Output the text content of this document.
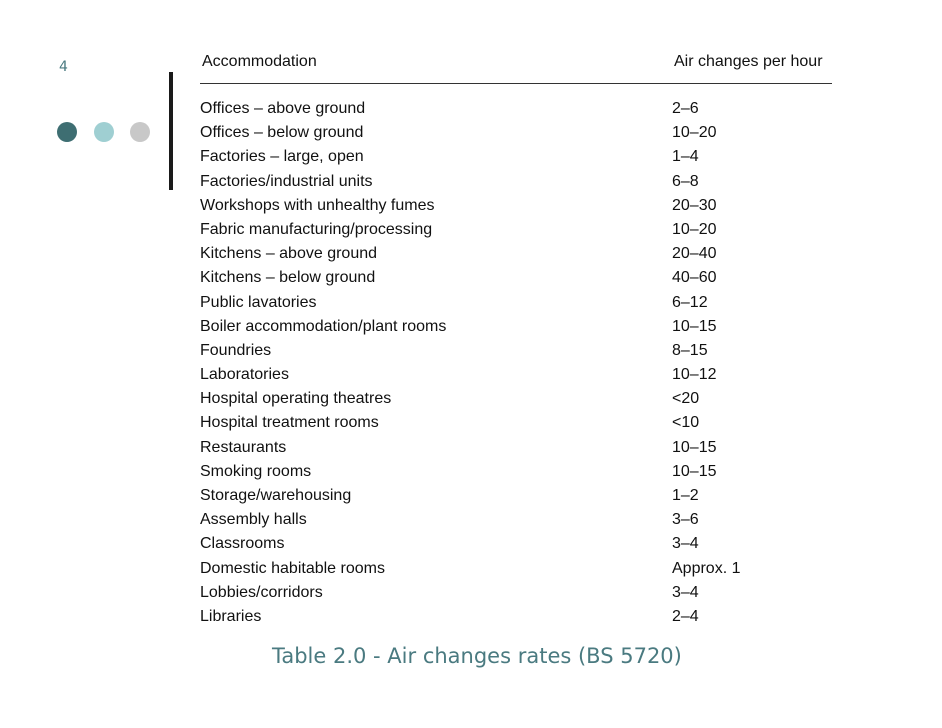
4	Accommodation	Air changes per hour
Offices – above ground	2–6
Offices – below ground	10–20
Factories – large, open	1–4
Factories/industrial units	6–8
Workshops with unhealthy fumes	20–30
Fabric manufacturing/processing	10–20
Kitchens – above ground	20–40
Kitchens – below ground	40–60
Public lavatories	6–12
Boiler accommodation/plant rooms	10–15
Foundries	8–15
Laboratories	10–12
Hospital operating theatres	<20
Hospital treatment rooms	<10
Restaurants	10–15
Smoking rooms	10–15
Storage/warehousing	1–2
Assembly halls	3–6
Classrooms	3–4
Domestic habitable rooms	Approx. 1
Lobbies/corridors	3–4
Libraries	2–4
Table 2.0 - Air changes rates (BS 5720)
